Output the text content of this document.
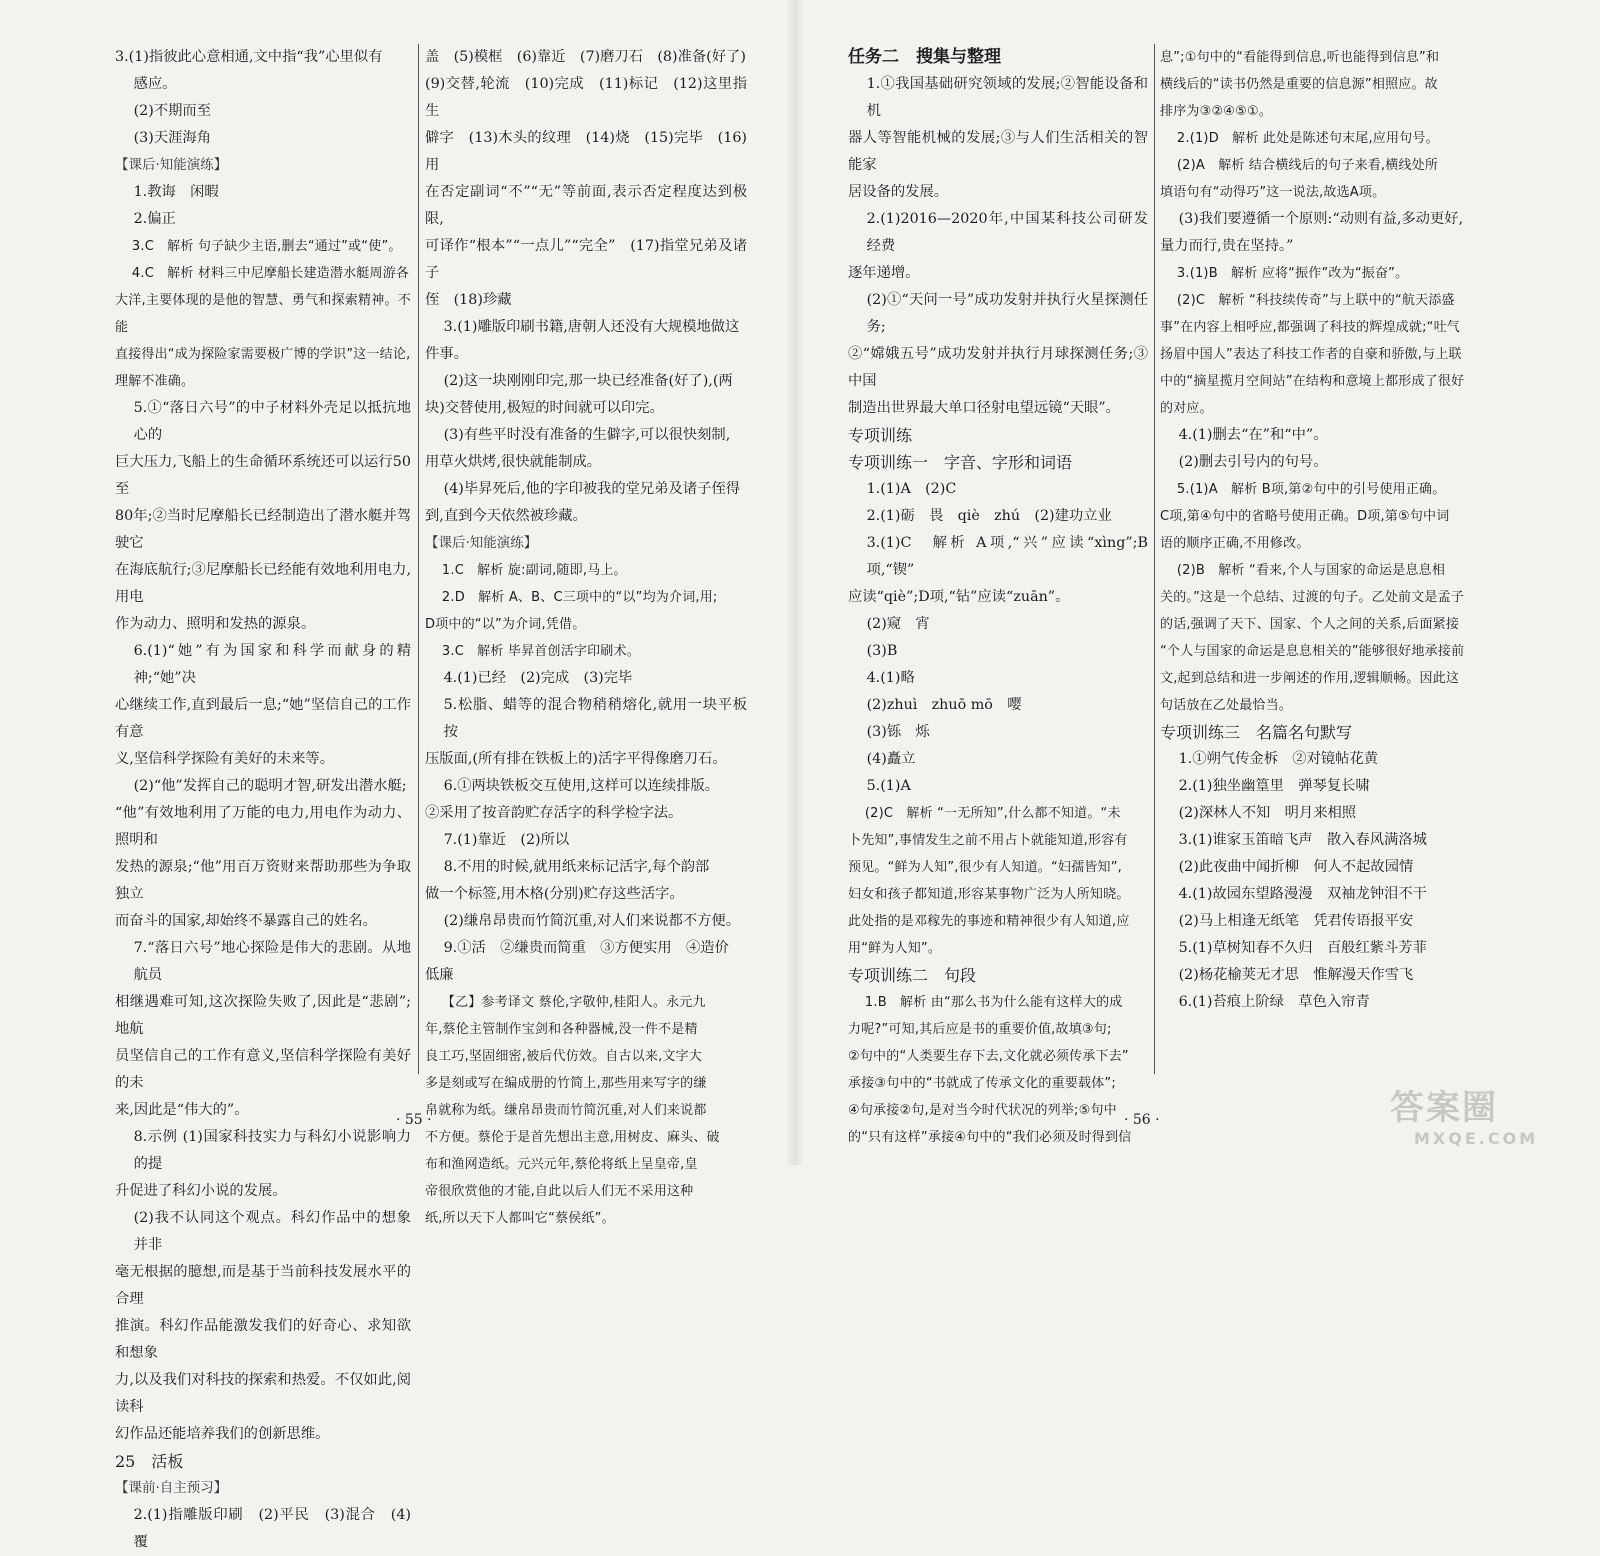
3.(1)指彼此心意相通,文中指“我”心里似有

感应。

(2)不期而至

(3)天涯海角

【课后·知能演练】

1.教诲　闲暇

2.偏正

3.C　解析 句子缺少主语,删去“通过”或“使”。

4.C　解析 材料三中尼摩船长建造潜水艇周游各

大洋,主要体现的是他的智慧、勇气和探索精神。不能

直接得出“成为探险家需要极广博的学识”这一结论,

理解不准确。

5.①“落日六号”的中子材料外壳足以抵抗地心的

巨大压力,飞船上的生命循环系统还可以运行50至

80年;②当时尼摩船长已经制造出了潜水艇并驾驶它

在海底航行;③尼摩船长已经能有效地利用电力,用电

作为动力、照明和发热的源泉。

6.(1)“她”有为国家和科学而献身的精神;“她”决

心继续工作,直到最后一息;“她”坚信自己的工作有意

义,坚信科学探险有美好的未来等。

(2)“他”发挥自己的聪明才智,研发出潜水艇;

“他”有效地利用了万能的电力,用电作为动力、照明和

发热的源泉;“他”用百万资财来帮助那些为争取独立

而奋斗的国家,却始终不暴露自己的姓名。

7.“落日六号”地心探险是伟大的悲剧。从地航员

相继遇难可知,这次探险失败了,因此是“悲剧”;地航

员坚信自己的工作有意义,坚信科学探险有美好的未

来,因此是“伟大的”。

8.示例 (1)国家科技实力与科幻小说影响力的提

升促进了科幻小说的发展。

(2)我不认同这个观点。科幻作品中的想象并非

毫无根据的臆想,而是基于当前科技发展水平的合理

推演。科幻作品能激发我们的好奇心、求知欲和想象

力,以及我们对科技的探索和热爱。不仅如此,阅读科

幻作品还能培养我们的创新思维。

25　活板

【课前·自主预习】

2.(1)指雕版印刷　(2)平民　(3)混合　(4)覆

盖　(5)模框　(6)靠近　(7)磨刀石　(8)准备(好了)

(9)交替,轮流　(10)完成　(11)标记　(12)这里指生

僻字　(13)木头的纹理　(14)烧　(15)完毕　(16)用

在否定副词“不”“无”等前面,表示否定程度达到极限,

可译作“根本”“一点儿”“完全”　(17)指堂兄弟及诸子

侄　(18)珍藏

3.(1)雕版印刷书籍,唐朝人还没有大规模地做这

件事。

(2)这一块刚刚印完,那一块已经准备(好了),(两

块)交替使用,极短的时间就可以印完。

(3)有些平时没有准备的生僻字,可以很快刻制,

用草火烘烤,很快就能制成。

(4)毕昇死后,他的字印被我的堂兄弟及诸子侄得

到,直到今天依然被珍藏。

【课后·知能演练】

1.C　解析 旋:副词,随即,马上。

2.D　解析 A、B、C三项中的“以”均为介词,用;

D项中的“以”为介词,凭借。

3.C　解析 毕昇首创活字印刷术。

4.(1)已经　(2)完成　(3)完毕

5.松脂、蜡等的混合物稍稍熔化,就用一块平板按

压版面,(所有排在铁板上的)活字平得像磨刀石。

6.①两块铁板交互使用,这样可以连续排版。

②采用了按音韵贮存活字的科学检字法。

7.(1)靠近　(2)所以

8.不用的时候,就用纸来标记活字,每个韵部

做一个标签,用木格(分别)贮存这些活字。

(2)缣帛昂贵而竹简沉重,对人们来说都不方便。

9.①活　②缣贵而简重　③方便实用　④造价

低廉

【乙】参考译文 蔡伦,字敬仲,桂阳人。永元九

年,蔡伦主管制作宝剑和各种器械,没一件不是精

良工巧,坚固细密,被后代仿效。自古以来,文字大

多是刻或写在编成册的竹简上,那些用来写字的缣

帛就称为纸。缣帛昂贵而竹简沉重,对人们来说都

不方便。蔡伦于是首先想出主意,用树皮、麻头、破

布和渔网造纸。元兴元年,蔡伦将纸上呈皇帝,皇

帝很欣赏他的才能,自此以后人们无不采用这种

纸,所以天下人都叫它“蔡侯纸”。

任务二　搜集与整理

1.①我国基础研究领域的发展;②智能设备和机

器人等智能机械的发展;③与人们生活相关的智能家

居设备的发展。

2.(1)2016—2020年,中国某科技公司研发经费

逐年递增。

(2)①“天问一号”成功发射并执行火星探测任务;

②“嫦娥五号”成功发射并执行月球探测任务;③中国

制造出世界最大单口径射电望远镜“天眼”。

专项训练

专项训练一　字音、字形和词语

1.(1)A　(2)C

2.(1)砺　畏　qiè　zhú　(2)建功立业

3.(1)C　解析 A项,“兴”应读“xìng”;B项,“锲”

应读“qiè”;D项,“钻”应读“zuān”。

(2)窥　宵

(3)B

4.(1)略

(2)zhuì　zhuō mō　嘤

(3)铄　烁

(4)矗立

5.(1)A

(2)C　解析 “一无所知”,什么都不知道。“未

卜先知”,事情发生之前不用占卜就能知道,形容有

预见。“鲜为人知”,很少有人知道。“妇孺皆知”,

妇女和孩子都知道,形容某事物广泛为人所知晓。

此处指的是邓稼先的事迹和精神很少有人知道,应

用“鲜为人知”。

专项训练二　句段

1.B　解析 由“那么书为什么能有这样大的成

力呢?”可知,其后应是书的重要价值,故填③句;

②句中的“人类要生存下去,文化就必须传承下去”

承接③句中的“书就成了传承文化的重要载体”;

④句承接②句,是对当今时代状况的列举;⑤句中

的“只有这样”承接④句中的“我们必须及时得到信

息”;①句中的“看能得到信息,听也能得到信息”和

横线后的“读书仍然是重要的信息源”相照应。故

排序为③②④⑤①。

2.(1)D　解析 此处是陈述句末尾,应用句号。

(2)A　解析 结合横线后的句子来看,横线处所

填语句有“动得巧”这一说法,故选A项。

(3)我们要遵循一个原则:“动则有益,多动更好,

量力而行,贵在坚持。”

3.(1)B　解析 应将“振作”改为“振奋”。

(2)C　解析 “科技续传奇”与上联中的“航天添盛

事”在内容上相呼应,都强调了科技的辉煌成就;“吐气

扬眉中国人”表达了科技工作者的自豪和骄傲,与上联

中的“摘星揽月空间站”在结构和意境上都形成了很好

的对应。

4.(1)删去“在”和“中”。

(2)删去引号内的句号。

5.(1)A　解析 B项,第②句中的引号使用正确。

C项,第④句中的省略号使用正确。D项,第⑤句中词

语的顺序正确,不用修改。

(2)B　解析 “看来,个人与国家的命运是息息相

关的。”这是一个总结、过渡的句子。乙处前文是孟子

的话,强调了天下、国家、个人之间的关系,后面紧接

“个人与国家的命运是息息相关的”能够很好地承接前

文,起到总结和进一步阐述的作用,逻辑顺畅。因此这

句话放在乙处最恰当。

专项训练三　名篇名句默写

1.①朔气传金柝　②对镜帖花黄

2.(1)独坐幽篁里　弹琴复长啸

(2)深林人不知　明月来相照

3.(1)谁家玉笛暗飞声　散入春风满洛城

(2)此夜曲中闻折柳　何人不起故园情

4.(1)故园东望路漫漫　双袖龙钟泪不干

(2)马上相逢无纸笔　凭君传语报平安

5.(1)草树知春不久归　百般红紫斗芳菲

(2)杨花榆荚无才思　惟解漫天作雪飞

6.(1)苔痕上阶绿　草色入帘青

· 55 ·	· 56 ·	答案圈
MXQE.COM
